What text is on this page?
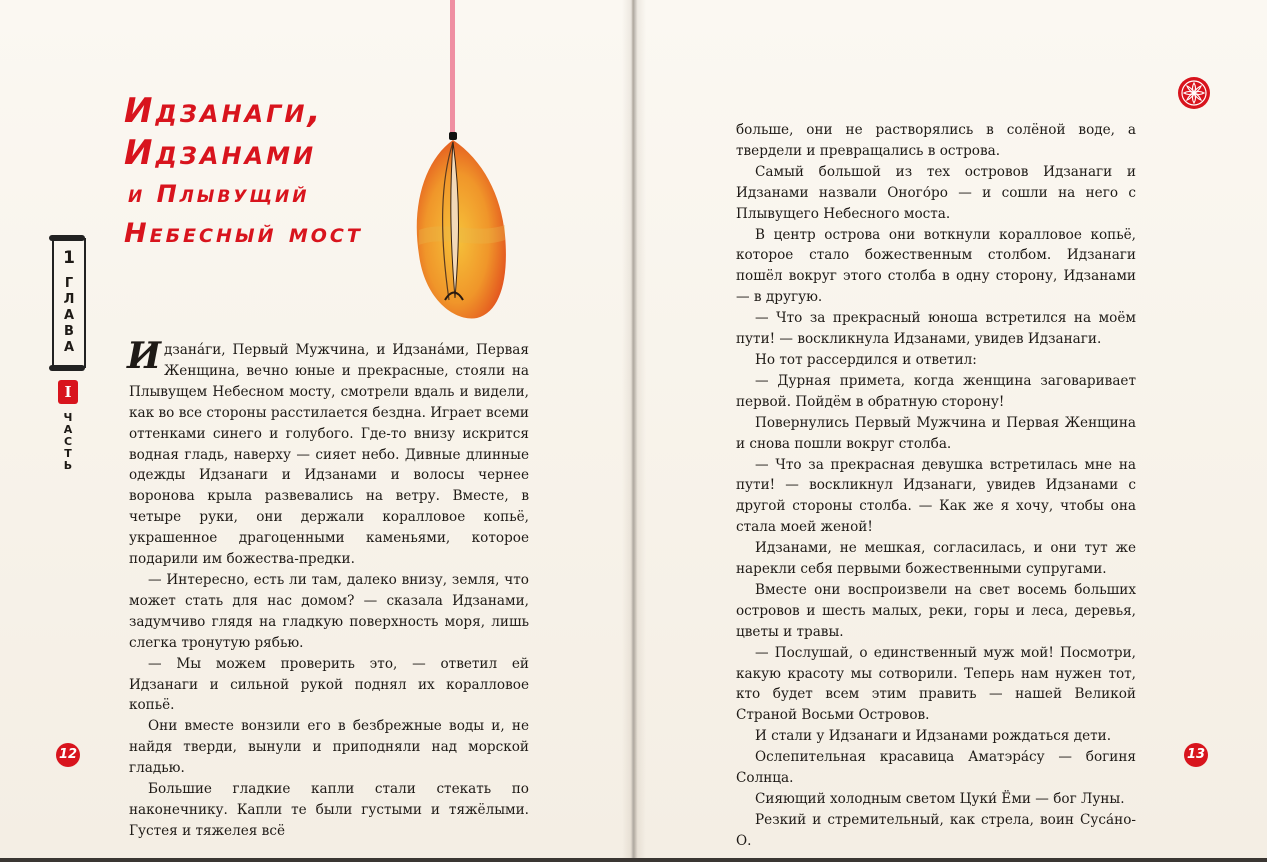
Идзанаги,
Идзанами
и Плывущий
Небесный мост
1
Г
Л
А
В
А
I
Ч
А
С
Т
Ь

Идзанáги, Первый Мужчина, и Идзанáми, Первая Женщина, вечно юные и прекрасные, стояли на Плывущем Небесном мосту, смотрели вдаль и видели, как во все стороны расстилается бездна. Играет всеми оттенками синего и голубого. Где-то внизу искрится водная гладь, наверху — сияет небо. Дивные длинные одежды Идзанаги и Идзанами и волосы чернее воронова крыла развевались на ветру. Вместе, в четыре руки, они держали коралловое копьё, украшенное драгоценными каменьями, которое подарили им божества-предки.

— Интересно, есть ли там, далеко внизу, земля, что может стать для нас домом? — сказала Идзанами, задумчиво глядя на гладкую поверхность моря, лишь слегка тронутую рябью.

— Мы можем проверить это, — ответил ей Идзанаги и сильной рукой поднял их коралловое копьё.

Они вместе вонзили его в безбрежные воды и, не найдя тверди, вынули и приподняли над морской гладью.

Большие гладкие капли стали стекать по наконечнику. Капли те были густыми и тяжёлыми. Густея и тяжелея всё

12

больше, они не растворялись в солёной воде, а твердели и превращались в острова.

Самый большой из тех островов Идзанаги и Идзанами назвали Оного́ро — и сошли на него с Плывущего Небесного моста.

В центр острова они воткнули коралловое копьё, которое стало божественным столбом. Идзанаги пошёл вокруг этого столба в одну сторону, Идзанами — в другую.

— Что за прекрасный юноша встретился на моём пути! — воскликнула Идзанами, увидев Идзанаги.

Но тот рассердился и ответил:

— Дурная примета, когда женщина заговаривает первой. Пойдём в обратную сторону!

Повернулись Первый Мужчина и Первая Женщина и снова пошли вокруг столба.

— Что за прекрасная девушка встретилась мне на пути! — воскликнул Идзанаги, увидев Идзанами с другой стороны столба. — Как же я хочу, чтобы она стала моей женой!

Идзанами, не мешкая, согласилась, и они тут же нарекли себя первыми божественными супругами.

Вместе они воспроизвели на свет восемь больших островов и шесть малых, реки, горы и леса, деревья, цветы и травы.

— Послушай, о единственный муж мой! Посмотри, какую красоту мы сотворили. Теперь нам нужен тот, кто будет всем этим править — нашей Великой Страной Восьми Островов.

И стали у Идзанаги и Идзанами рождаться дети.

Ослепительная красавица Аматэра́су — богиня Солнца.

Сияющий холодным светом Цуки́ Ёми — бог Луны.

Резкий и стремительный, как стрела, воин Суса́но-О.

13
